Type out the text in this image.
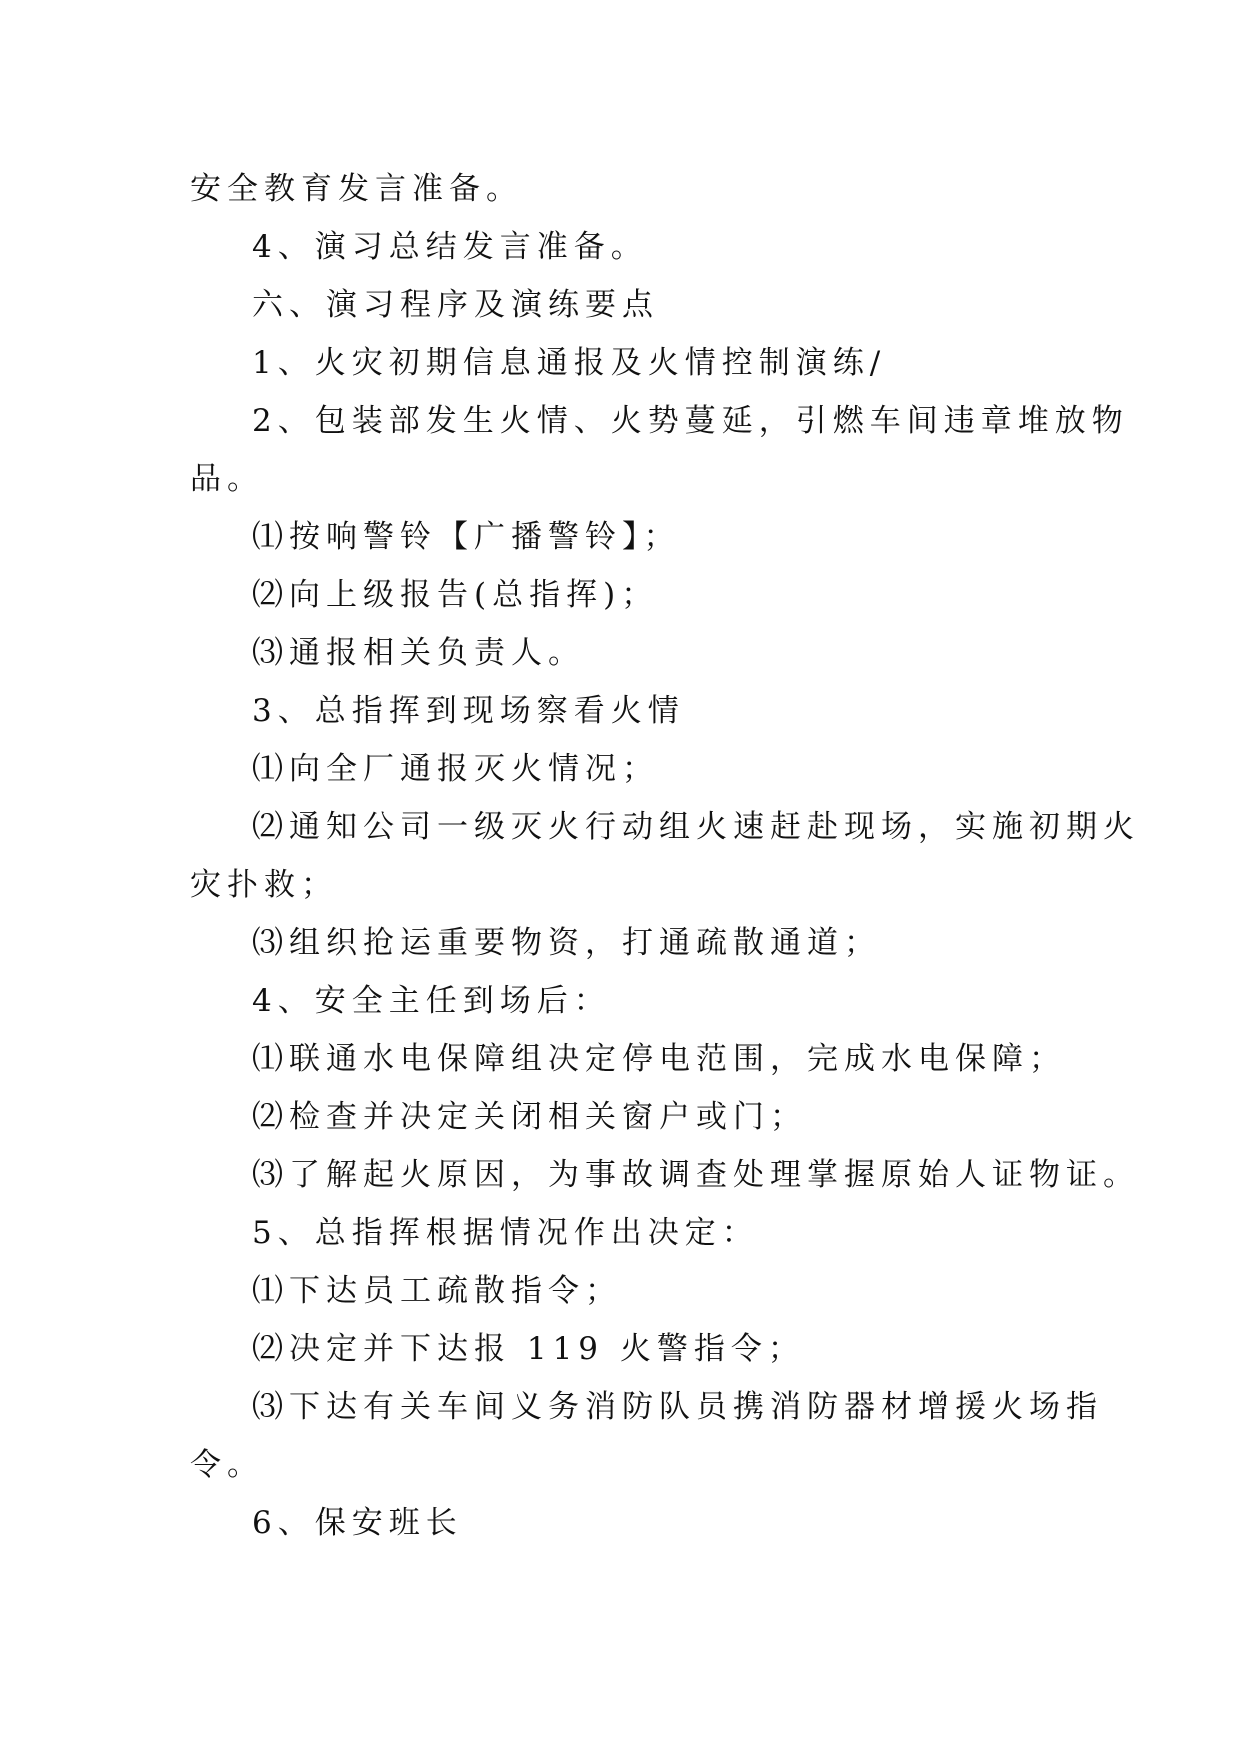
安全教育发言准备。
4、演习总结发言准备。
六、演习程序及演练要点
1、火灾初期信息通报及火情控制演练/
2、包装部发生火情、火势蔓延，引燃车间违章堆放物
品。
⑴按响警铃【广播警铃】；
⑵向上级报告(总指挥)；
⑶通报相关负责人。
3、总指挥到现场察看火情
⑴向全厂通报灭火情况；
⑵通知公司一级灭火行动组火速赶赴现场，实施初期火
灾扑救；
⑶组织抢运重要物资，打通疏散通道；
4、安全主任到场后：
⑴联通水电保障组决定停电范围，完成水电保障；
⑵检查并决定关闭相关窗户或门；
⑶了解起火原因，为事故调查处理掌握原始人证物证。
5、总指挥根据情况作出决定：
⑴下达员工疏散指令；
⑵决定并下达报 119 火警指令；
⑶下达有关车间义务消防队员携消防器材增援火场指
令。
6、保安班长
